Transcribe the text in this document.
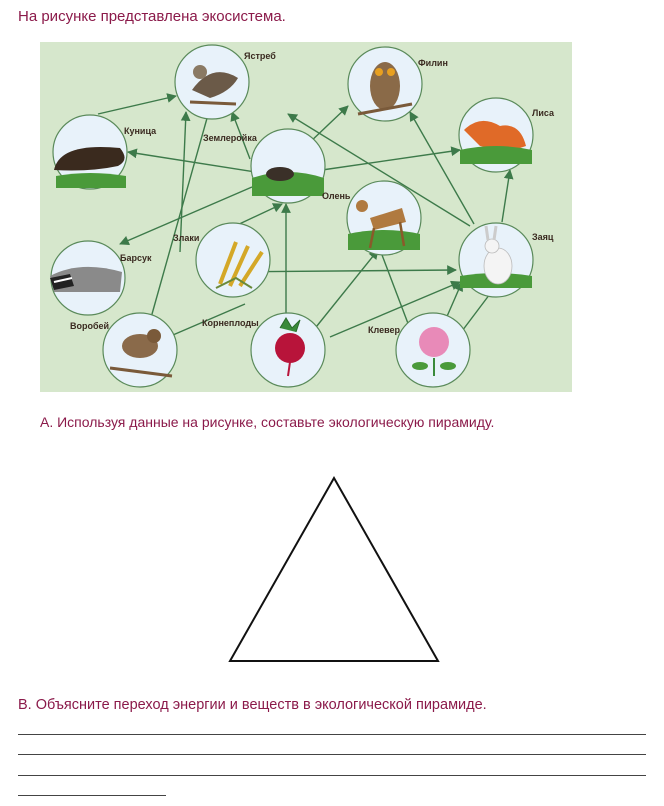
На рисунке представлена экосистема.

Ястреб
Филин
Куница
Землеройка
Лиса
Олень
Злаки	Заяц
Барсук
Воробей	Корнеплоды
Клевер

A. Используя данные на рисунке, составьте экологическую пирамиду.

B. Объясните переход энергии и веществ в экологической пирамиде.
